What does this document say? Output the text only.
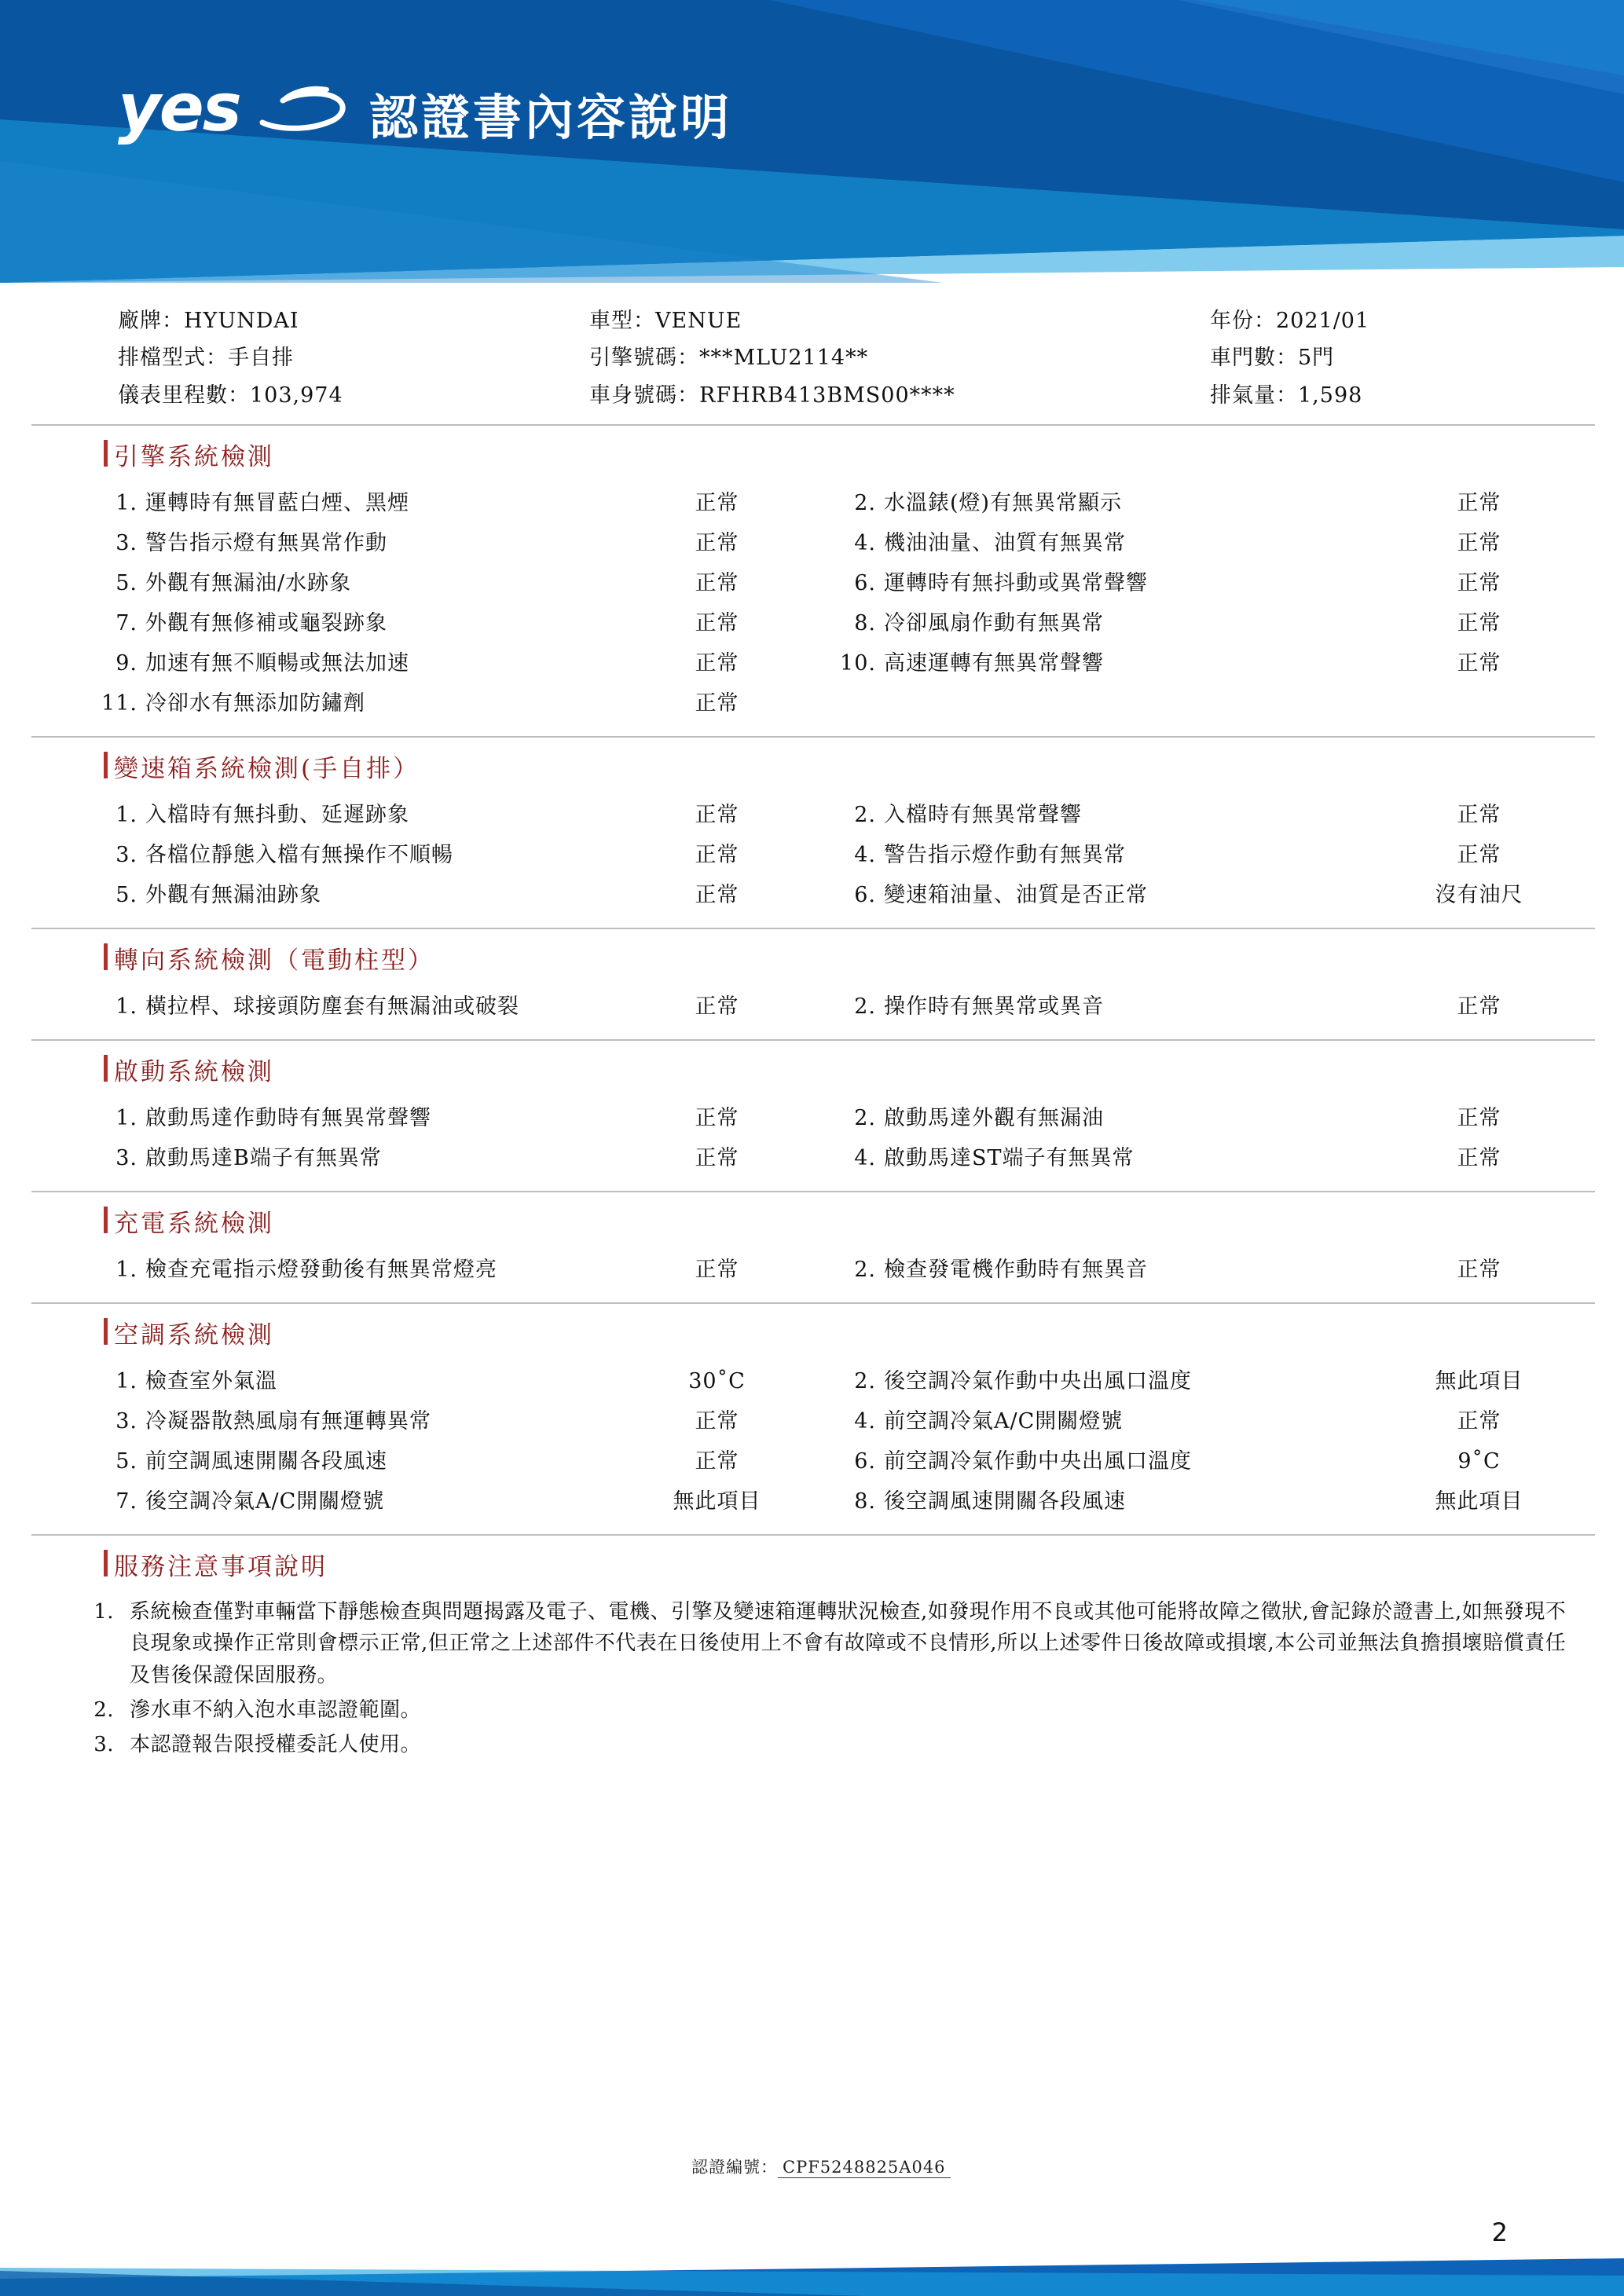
yes	認證書內容說明
廠牌：HYUNDAI	車型：VENUE	年份：2021/01
排檔型式：手自排	引擎號碼：***MLU2114**	車門數：5門
儀表里程數：103,974	車身號碼：RFHRB413BMS00****	排氣量：1,598
引擎系統檢測
1. 運轉時有無冒藍白煙、黑煙	正常	2. 水溫錶(燈)有無異常顯示	正常
3. 警告指示燈有無異常作動	正常	4. 機油油量、油質有無異常	正常
5. 外觀有無漏油/水跡象	正常	6. 運轉時有無抖動或異常聲響	正常
7. 外觀有無修補或龜裂跡象	正常	8. 冷卻風扇作動有無異常	正常
9. 加速有無不順暢或無法加速	正常	10. 高速運轉有無異常聲響	正常
11. 冷卻水有無添加防鏽劑	正常
變速箱系統檢測(手自排）
1. 入檔時有無抖動、延遲跡象	正常	2. 入檔時有無異常聲響	正常
3. 各檔位靜態入檔有無操作不順暢	正常	4. 警告指示燈作動有無異常	正常
5. 外觀有無漏油跡象	正常	6. 變速箱油量、油質是否正常	沒有油尺
轉向系統檢測（電動柱型）
1. 橫拉桿、球接頭防塵套有無漏油或破裂	正常	2. 操作時有無異常或異音	正常
啟動系統檢測
1. 啟動馬達作動時有無異常聲響	正常	2. 啟動馬達外觀有無漏油	正常
3. 啟動馬達B端子有無異常	正常	4. 啟動馬達ST端子有無異常	正常
充電系統檢測
1. 檢查充電指示燈發動後有無異常燈亮	正常	2. 檢查發電機作動時有無異音	正常
空調系統檢測
1. 檢查室外氣溫	30˚C	2. 後空調冷氣作動中央出風口溫度	無此項目
3. 冷凝器散熱風扇有無運轉異常	正常	4. 前空調冷氣A/C開關燈號	正常
5. 前空調風速開關各段風速	正常	6. 前空調冷氣作動中央出風口溫度	9˚C
7. 後空調冷氣A/C開關燈號	無此項目	8. 後空調風速開關各段風速	無此項目
服務注意事項說明
1. 系統檢查僅對車輛當下靜態檢查與問題揭露及電子、電機、引擎及變速箱運轉狀況檢查,如發現作用不良或其他可能將故障之徵狀,會記錄於證書上,如無發現不良現象或操作正常則會標示正常,但正常之上述部件不代表在日後使用上不會有故障或不良情形,所以上述零件日後故障或損壞,本公司並無法負擔損壞賠償責任及售後保證保固服務。
2. 滲水車不納入泡水車認證範圍。
3. 本認證報告限授權委託人使用。
認證編號： CPF5248825A046
2
